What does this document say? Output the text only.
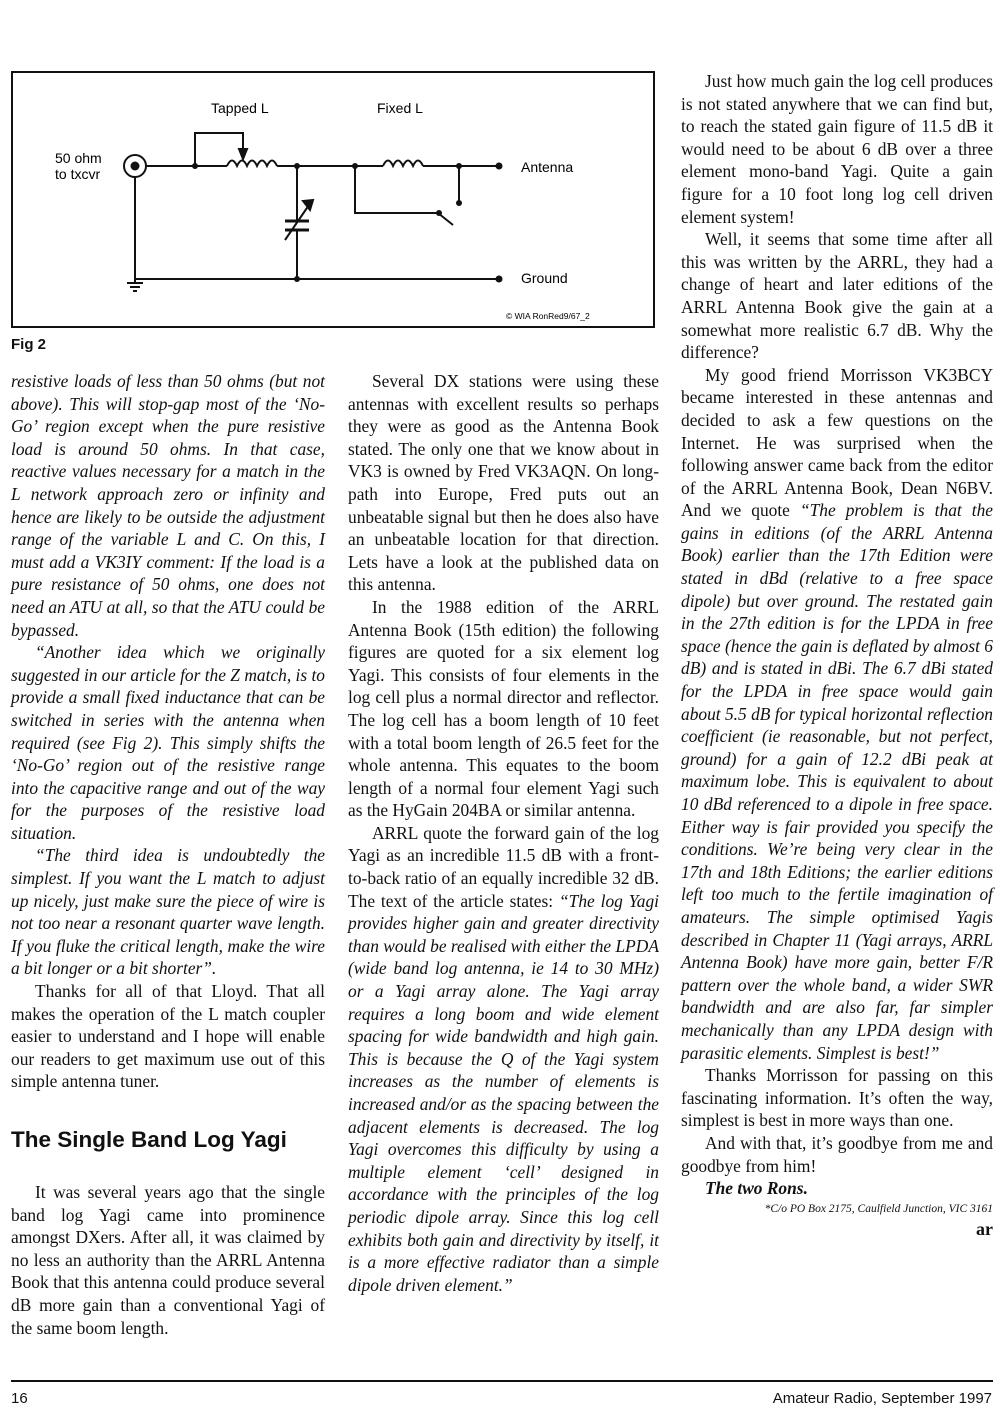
Tapped L	Fixed L
50 ohm
to txcvr	Antenna
Ground
© WIA RonRed9/67_2
Fig 2

resistive loads of less than 50 ohms (but not above). This will stop-gap most of the ‘No-Go’ region except when the pure resistive load is around 50 ohms. In that case, reactive values necessary for a match in the L network approach zero or infinity and hence are likely to be outside the adjustment range of the variable L and C. On this, I must add a VK3IY comment: If the load is a pure resistance of 50 ohms, one does not need an ATU at all, so that the ATU could be bypassed.

“Another idea which we originally suggested in our article for the Z match, is to provide a small fixed inductance that can be switched in series with the antenna when required (see Fig 2). This simply shifts the ‘No-Go’ region out of the resistive range into the capacitive range and out of the way for the purposes of the resistive load situation.

“The third idea is undoubtedly the simplest. If you want the L match to adjust up nicely, just make sure the piece of wire is not too near a resonant quarter wave length. If you fluke the critical length, make the wire a bit longer or a bit shorter”.

Thanks for all of that Lloyd. That all makes the operation of the L match coupler easier to understand and I hope will enable our readers to get maximum use out of this simple antenna tuner.

The Single Band Log Yagi

It was several years ago that the single band log Yagi came into prominence amongst DXers. After all, it was claimed by no less an authority than the ARRL Antenna Book that this antenna could produce several dB more gain than a conventional Yagi of the same boom length.

Several DX stations were using these antennas with excellent results so perhaps they were as good as the Antenna Book stated. The only one that we know about in VK3 is owned by Fred VK3AQN. On long-path into Europe, Fred puts out an unbeatable signal but then he does also have an unbeatable location for that direction. Lets have a look at the published data on this antenna.

In the 1988 edition of the ARRL Antenna Book (15th edition) the following figures are quoted for a six element log Yagi. This consists of four elements in the log cell plus a normal director and reflector. The log cell has a boom length of 10 feet with a total boom length of 26.5 feet for the whole antenna. This equates to the boom length of a normal four element Yagi such as the HyGain 204BA or similar antenna.

ARRL quote the forward gain of the log Yagi as an incredible 11.5 dB with a front-to-back ratio of an equally incredible 32 dB. The text of the article states: “The log Yagi provides higher gain and greater directivity than would be realised with either the LPDA (wide band log antenna, ie 14 to 30 MHz) or a Yagi array alone. The Yagi array requires a long boom and wide element spacing for wide bandwidth and high gain. This is because the Q of the Yagi system increases as the number of elements is increased and/or as the spacing between the adjacent elements is decreased. The log Yagi overcomes this difficulty by using a multiple element ‘cell’ designed in accordance with the principles of the log periodic dipole array. Since this log cell exhibits both gain and directivity by itself, it is a more effective radiator than a simple dipole driven element.”

Just how much gain the log cell produces is not stated anywhere that we can find but, to reach the stated gain figure of 11.5 dB it would need to be about 6 dB over a three element mono-band Yagi. Quite a gain figure for a 10 foot long log cell driven element system!

Well, it seems that some time after all this was written by the ARRL, they had a change of heart and later editions of the ARRL Antenna Book give the gain at a somewhat more realistic 6.7 dB. Why the difference?

My good friend Morrisson VK3BCY became interested in these antennas and decided to ask a few questions on the Internet. He was surprised when the following answer came back from the editor of the ARRL Antenna Book, Dean N6BV. And we quote “The problem is that the gains in editions (of the ARRL Antenna Book) earlier than the 17th Edition were stated in dBd (relative to a free space dipole) but over ground. The restated gain in the 27th edition is for the LPDA in free space (hence the gain is deflated by almost 6 dB) and is stated in dBi. The 6.7 dBi stated for the LPDA in free space would gain about 5.5 dB for typical horizontal reflection coefficient (ie reasonable, but not perfect, ground) for a gain of 12.2 dBi peak at maximum lobe. This is equivalent to about 10 dBd referenced to a dipole in free space. Either way is fair provided you specify the conditions. We’re being very clear in the 17th and 18th Editions; the earlier editions left too much to the fertile imagination of amateurs. The simple optimised Yagis described in Chapter 11 (Yagi arrays, ARRL Antenna Book) have more gain, better F/R pattern over the whole band, a wider SWR bandwidth and are also far, far simpler mechanically than any LPDA design with parasitic elements. Simplest is best!”

Thanks Morrisson for passing on this fascinating information. It’s often the way, simplest is best in more ways than one.

And with that, it’s goodbye from me and goodbye from him!

The two Rons.

*C/o PO Box 2175, Caulfield Junction, VIC 3161

ar

16	Amateur Radio, September 1997
